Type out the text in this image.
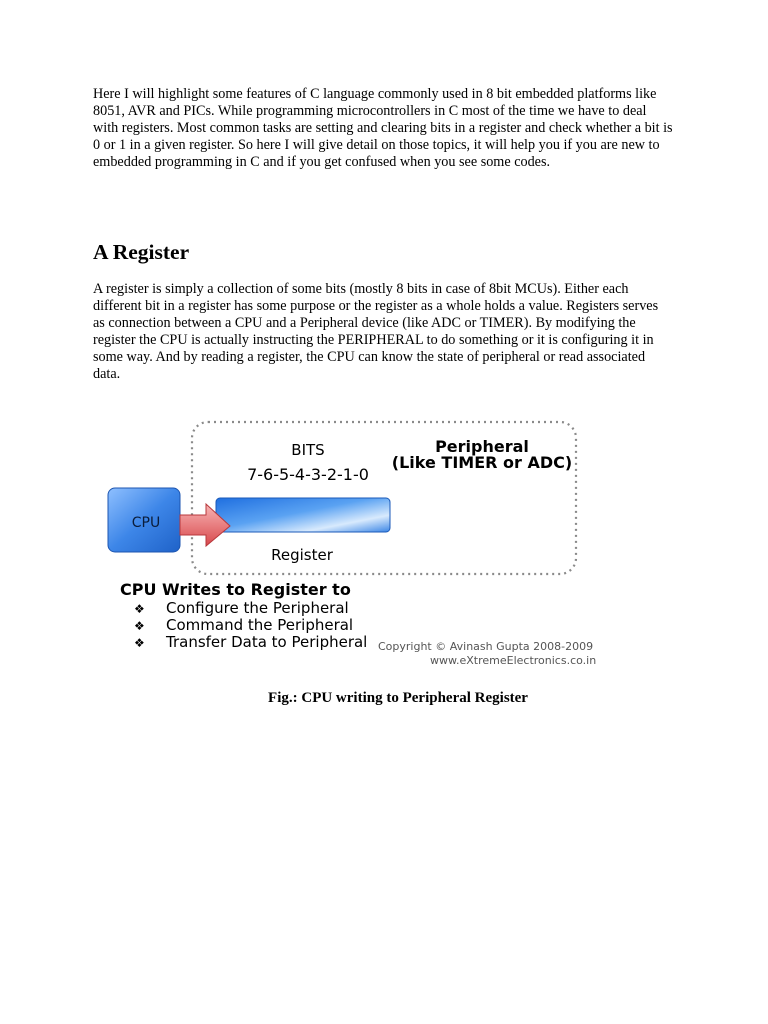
Here I will highlight some features of C language commonly used in 8 bit embedded platforms like 8051, AVR and PICs. While programming microcontrollers in C most of the time we have to deal with registers. Most common tasks are setting and clearing bits in a register and check whether a bit is 0 or 1 in a given register. So here I will give detail on those topics, it will help you if you are new to embedded programming in C and if you get confused when you see some codes.

A Register

A register is simply a collection of some bits (mostly 8 bits in case of 8bit MCUs). Either each different bit in a register has some purpose or the register as a whole holds a value. Registers serves as connection between a CPU and a Peripheral device (like ADC or TIMER). By modifying the register the CPU is actually instructing the PERIPHERAL to do something or it is configuring it in some way. And by reading a register, the CPU can know the state of peripheral or read associated data.

Peripheral
(Like TIMER or ADC)
BITS
7-6-5-4-3-2-1-0
CPU
Register
CPU Writes to Register to
❖ Configure the Peripheral
❖ Command the Peripheral
❖ Transfer Data to Peripheral Copyright © Avinash Gupta 2008-2009
www.eXtremeElectronics.co.in

Fig.: CPU writing to Peripheral Register
